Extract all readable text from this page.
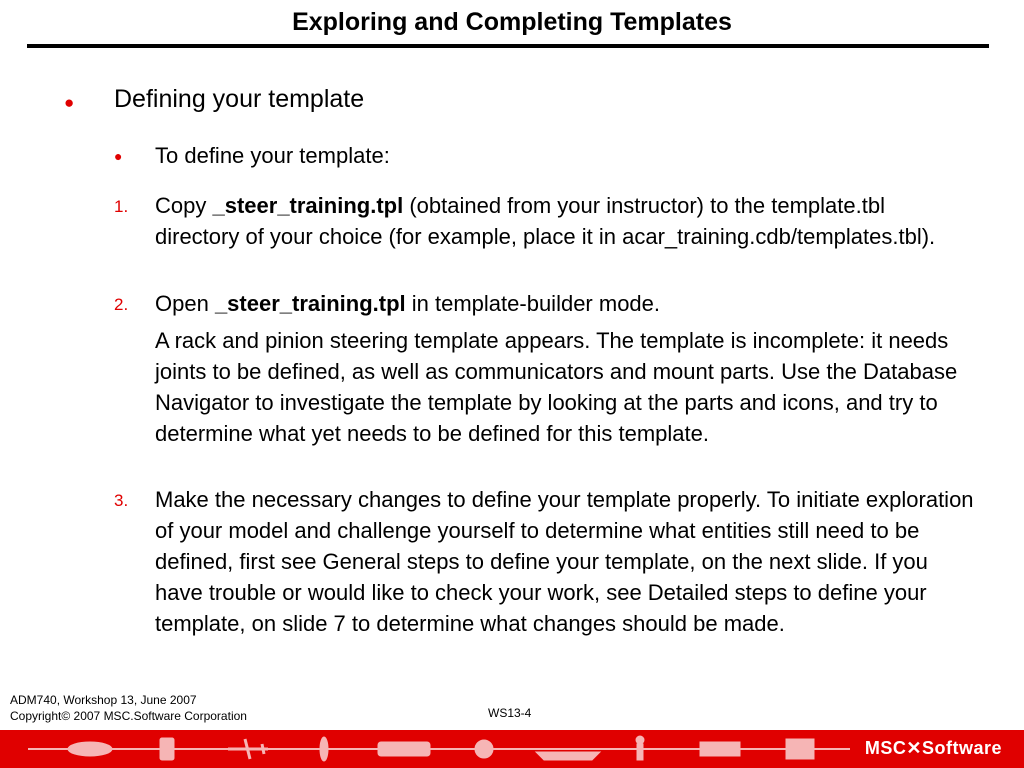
Exploring and Completing Templates
● Defining your template
● To define your template:
1. Copy _steer_training.tpl (obtained from your instructor) to the template.tbl directory of your choice (for example, place it in acar_training.cdb/templates.tbl).
2. Open _steer_training.tpl in template-builder mode.
A rack and pinion steering template appears. The template is incomplete: it needs joints to be defined, as well as communicators and mount parts. Use the Database Navigator to investigate the template by looking at the parts and icons, and try to determine what yet needs to be defined for this template.
3. Make the necessary changes to define your template properly. To initiate exploration of your model and challenge yourself to determine what entities still need to be defined, first see General steps to define your template, on the next slide. If you have trouble or would like to check your work, see Detailed steps to define your template, on slide 7 to determine what changes should be made.
ADM740, Workshop 13, June 2007
Copyright© 2007 MSC.Software Corporation	WS13-4
MSC✕Software
